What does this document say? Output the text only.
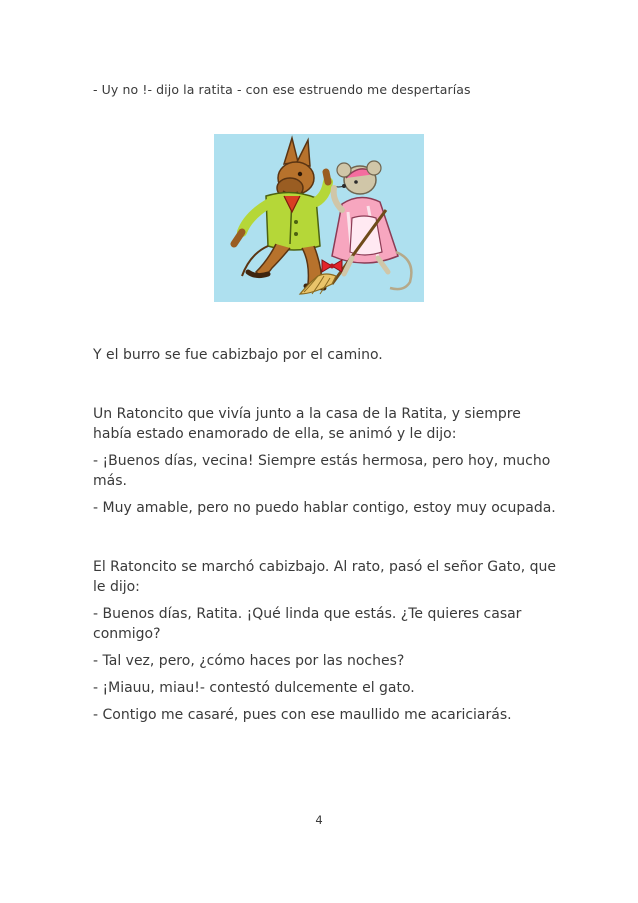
- Uy no !- dijo la ratita - con ese estruendo me despertarías
Y el burro se fue cabizbajo por el camino.
Un Ratoncito que vivía junto a la casa de la Ratita, y siempre
había estado enamorado de ella, se animó y le dijo:
- ¡Buenos días, vecina! Siempre estás hermosa, pero hoy, mucho
más.
- Muy amable, pero no puedo hablar contigo, estoy muy ocupada.
El Ratoncito se marchó cabizbajo. Al rato, pasó el señor Gato, que
le dijo:
- Buenos días, Ratita. ¡Qué linda que estás. ¿Te quieres casar
conmigo?
- Tal vez, pero, ¿cómo haces por las noches?
- ¡Miauu, miau!- contestó dulcemente el gato.
- Contigo me casaré, pues con ese maullido me acariciarás.
4
